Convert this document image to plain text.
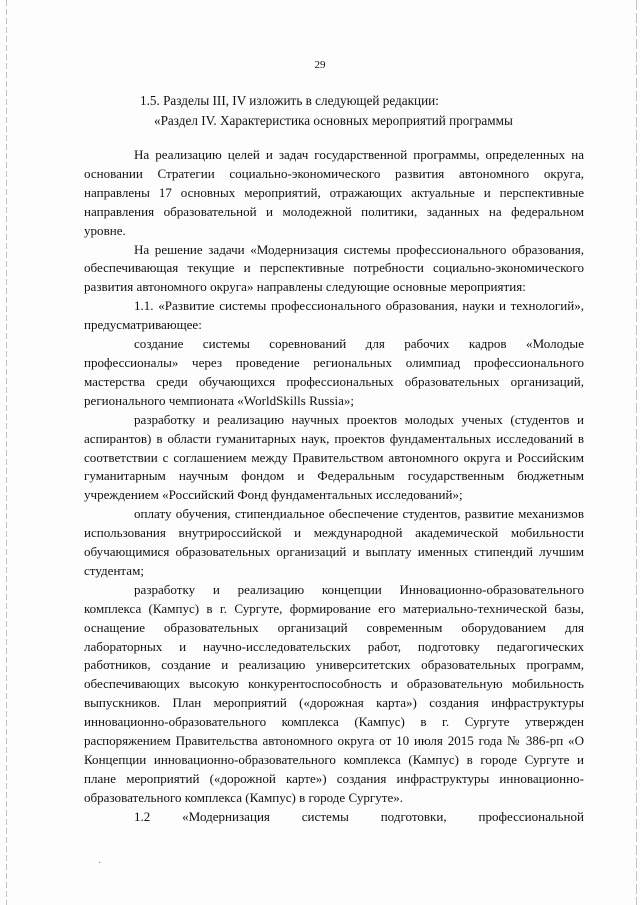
29
1.5. Разделы III, IV изложить в следующей редакции:
«Раздел IV. Характеристика основных мероприятий программы

На реализацию целей и задач государственной программы, определенных на основании Стратегии социально-экономического развития автономного округа, направлены 17 основных мероприятий, отражающих актуальные и перспективные направления образовательной и молодежной политики, заданных на федеральном уровне.

На решение задачи «Модернизация системы профессионального образования, обеспечивающая текущие и перспективные потребности социально-экономического развития автономного округа» направлены следующие основные мероприятия:

1.1. «Развитие системы профессионального образования, науки и технологий», предусматривающее:

создание системы соревнований для рабочих кадров «Молодые профессионалы» через проведение региональных олимпиад профессионального мастерства среди обучающихся профессиональных образовательных организаций, регионального чемпионата «WorldSkills Russia»;

разработку и реализацию научных проектов молодых ученых (студентов и аспирантов) в области гуманитарных наук, проектов фундаментальных исследований в соответствии с соглашением между Правительством автономного округа и Российским гуманитарным научным фондом и Федеральным государственным бюджетным учреждением «Российский Фонд фундаментальных исследований»;

оплату обучения, стипендиальное обеспечение студентов, развитие механизмов использования внутрироссийской и международной академической мобильности обучающимися образовательных организаций и выплату именных стипендий лучшим студентам;

разработку и реализацию концепции Инновационно-образовательного комплекса (Кампус) в г. Сургуте, формирование его материально-технической базы, оснащение образовательных организаций современным оборудованием для лабораторных и научно-исследовательских работ, подготовку педагогических работников, создание и реализацию университетских образовательных программ, обеспечивающих высокую конкурентоспособность и образовательную мобильность выпускников. План мероприятий («дорожная карта») создания инфраструктуры инновационно-образовательного комплекса (Кампус) в г. Сургуте утвержден распоряжением Правительства автономного округа от 10 июля 2015 года № 386-рп «О Концепции инновационно-образовательного комплекса (Кампус) в городе Сургуте и плане мероприятий («дорожной карте») создания инфраструктуры инновационно-образовательного комплекса (Кампус) в городе Сургуте».

1.2 «Модернизация системы подготовки, профессиональной

·
